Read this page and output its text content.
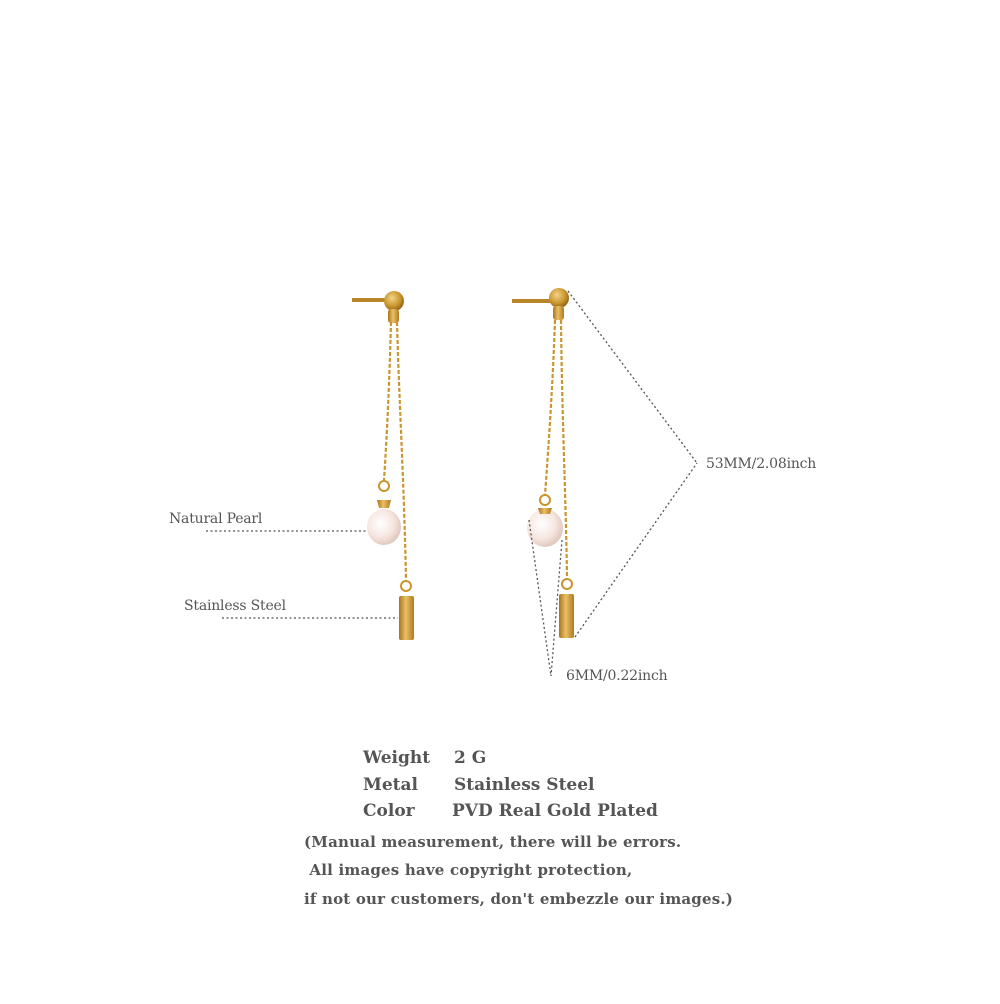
Natural Pearl
Stainless Steel
53MM/2.08inch
6MM/0.22inch
Weight 2 G
Metal Stainless Steel
Color PVD Real Gold Plated
(Manual measurement, there will be errors.
All images have copyright protection,
if not our customers, don't embezzle our images.)
